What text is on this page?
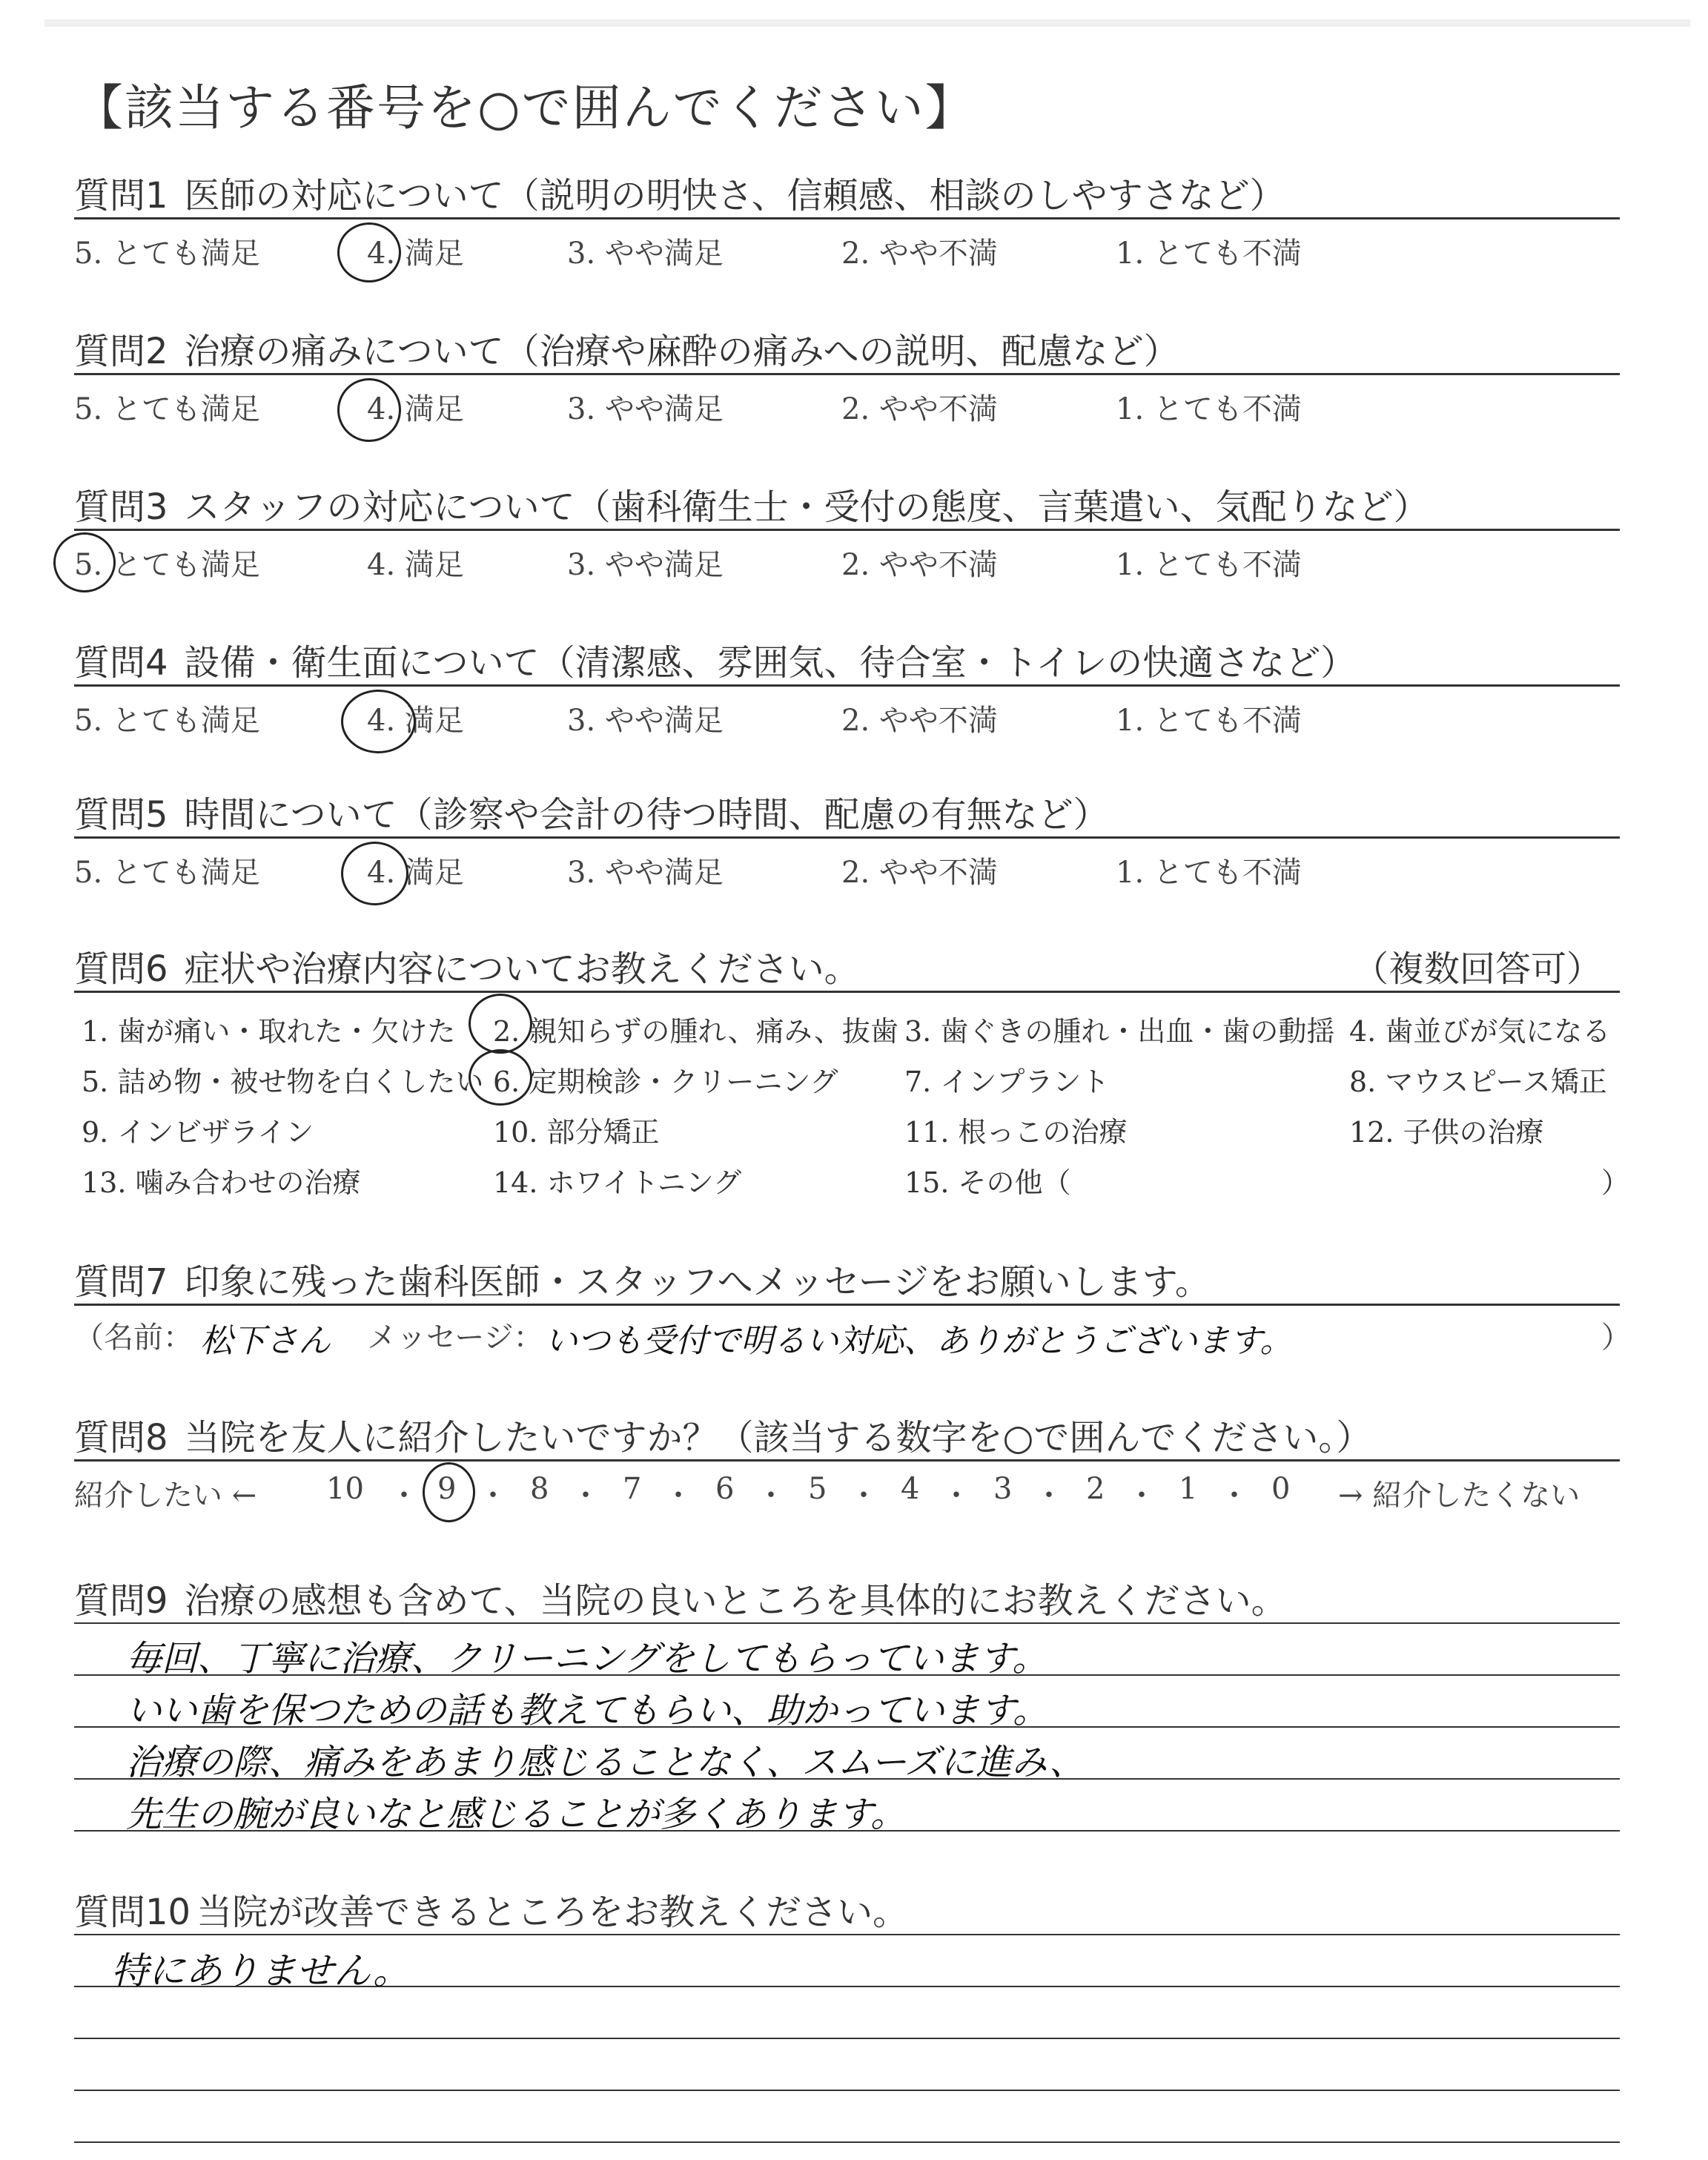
【該当する番号を○で囲んでください】
質問1 医師の対応について（説明の明快さ、信頼感、相談のしやすさなど）
5. とても満足	4. 満足	3. やや満足	2. やや不満	1. とても不満
質問2 治療の痛みについて（治療や麻酔の痛みへの説明、配慮など）
5. とても満足	4. 満足	3. やや満足	2. やや不満	1. とても不満
質問3 スタッフの対応について（歯科衛生士・受付の態度、言葉遣い、気配りなど）
5. とても満足	4. 満足	3. やや満足	2. やや不満	1. とても不満
質問4 設備・衛生面について（清潔感、雰囲気、待合室・トイレの快適さなど）
5. とても満足	4. 満足	3. やや満足	2. やや不満	1. とても不満
質問5 時間について（診察や会計の待つ時間、配慮の有無など）
5. とても満足	4. 満足	3. やや満足	2. やや不満	1. とても不満
質問6 症状や治療内容についてお教えください。	（複数回答可）
1. 歯が痛い・取れた・欠けた 2. 親知らずの腫れ、痛み、抜歯 3. 歯ぐきの腫れ・出血・歯の動揺 4. 歯並びが気になる
5. 詰め物・被せ物を白くしたい 6. 定期検診・クリーニング 7. インプラント	8. マウスピース矯正
9. インビザライン	10. 部分矯正	11. 根っこの治療	12. 子供の治療
13. 噛み合わせの治療	14. ホワイトニング	15. その他（	）
質問7 印象に残った歯科医師・スタッフへメッセージをお願いします。
（名前： 松下さん メッセージ： いつも受付で明るい対応、ありがとうございます。	）
質問8 当院を友人に紹介したいですか？（該当する数字を○で囲んでください。）
紹介したい ← 10 ・ 9 ・ 8 ・ 7 ・ 6 ・ 5 ・ 4 ・ 3 ・ 2 ・ 1 ・ 0 → 紹介したくない
質問9 治療の感想も含めて、当院の良いところを具体的にお教えください。
毎回、丁寧に治療、クリーニングをしてもらっています。
いい歯を保つための話も教えてもらい、助かっています。
治療の際、痛みをあまり感じることなく、スムーズに進み、
先生の腕が良いなと感じることが多くあります。
質問10 当院が改善できるところをお教えください。
特にありません。
